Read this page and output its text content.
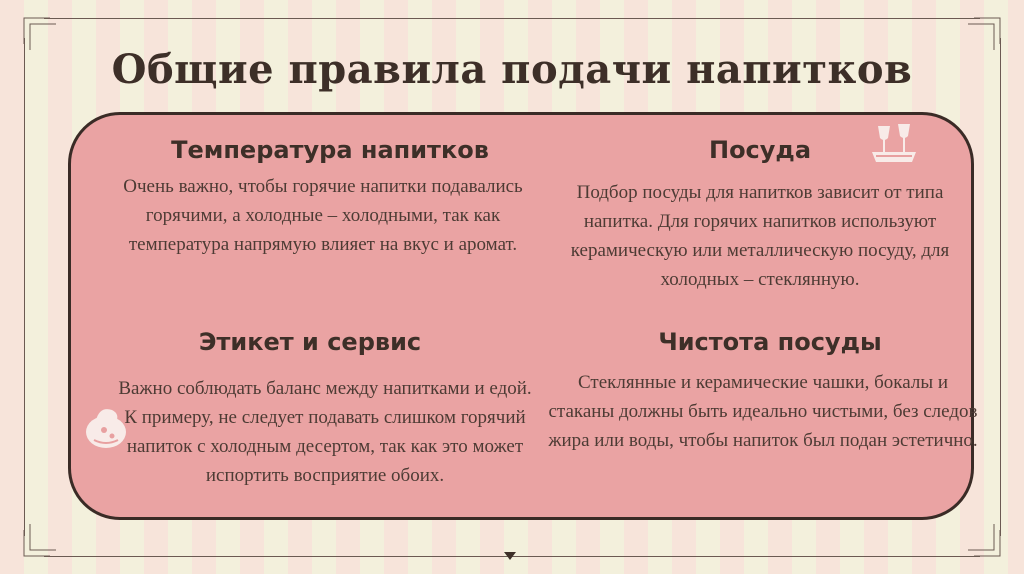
Общие правила подачи напитков
Температура напитков
Очень важно, чтобы горячие напитки подавались горячими, а холодные – холодными, так как температура напрямую влияет на вкус и аромат.
Посуда
Подбор посуды для напитков зависит от типа напитка. Для горячих напитков используют керамическую или металлическую посуду, для холодных – стеклянную.
Этикет и сервис
Важно соблюдать баланс между напитками и едой. К примеру, не следует подавать слишком горячий напиток с холодным десертом, так как это может испортить восприятие обоих.
Чистота посуды
Стеклянные и керамические чашки, бокалы и стаканы должны быть идеально чистыми, без следов жира или воды, чтобы напиток был подан эстетично.
